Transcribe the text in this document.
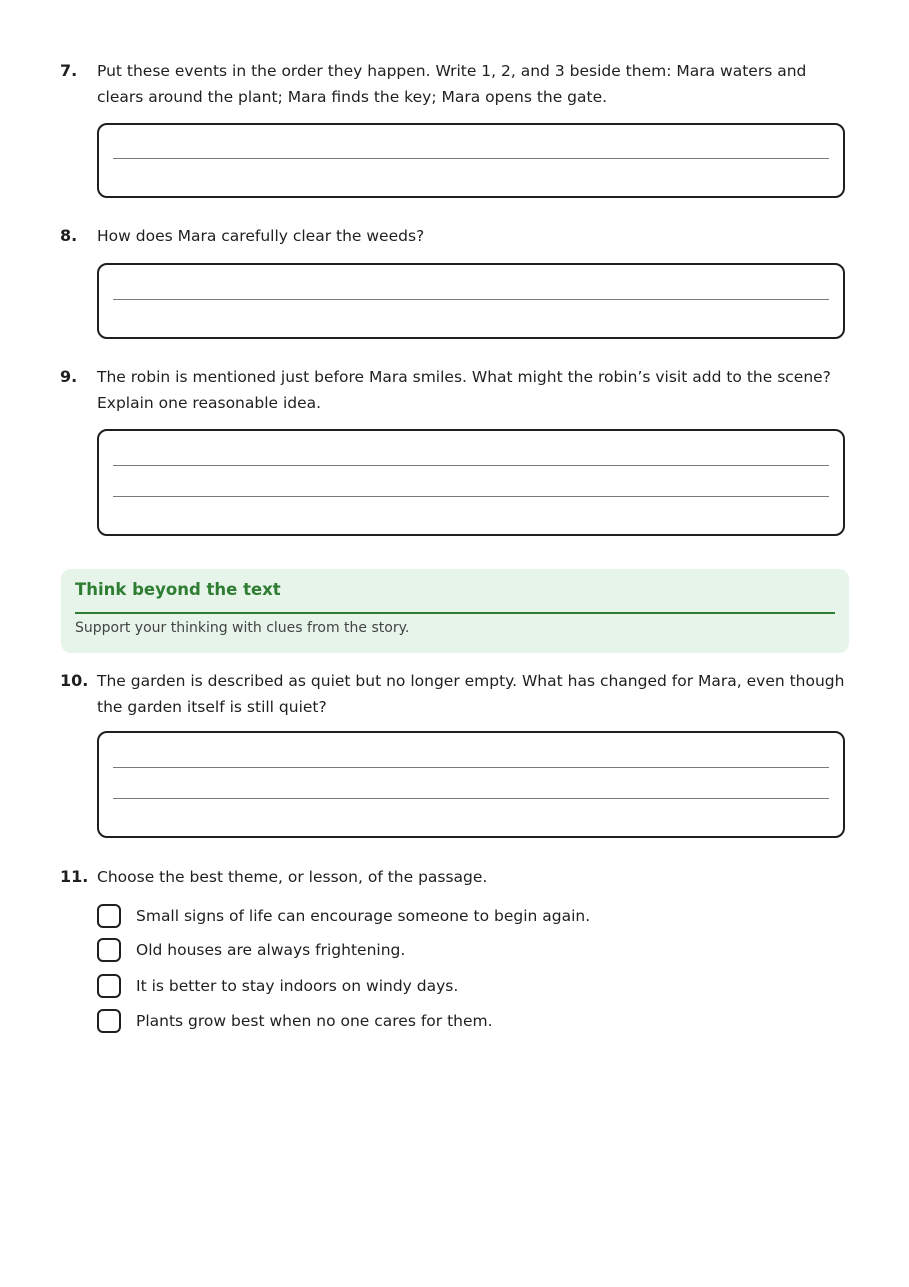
7. Put these events in the order they happen. Write 1, 2, and 3 beside them: Mara waters and clears around the plant; Mara finds the key; Mara opens the gate.
8. How does Mara carefully clear the weeds?
9. The robin is mentioned just before Mara smiles. What might the robin’s visit add to the scene? Explain one reasonable idea.
Think beyond the text
Support your thinking with clues from the story.
10. The garden is described as quiet but no longer empty. What has changed for Mara, even though the garden itself is still quiet?
11. Choose the best theme, or lesson, of the passage.
Small signs of life can encourage someone to begin again.
Old houses are always frightening.
It is better to stay indoors on windy days.
Plants grow best when no one cares for them.
